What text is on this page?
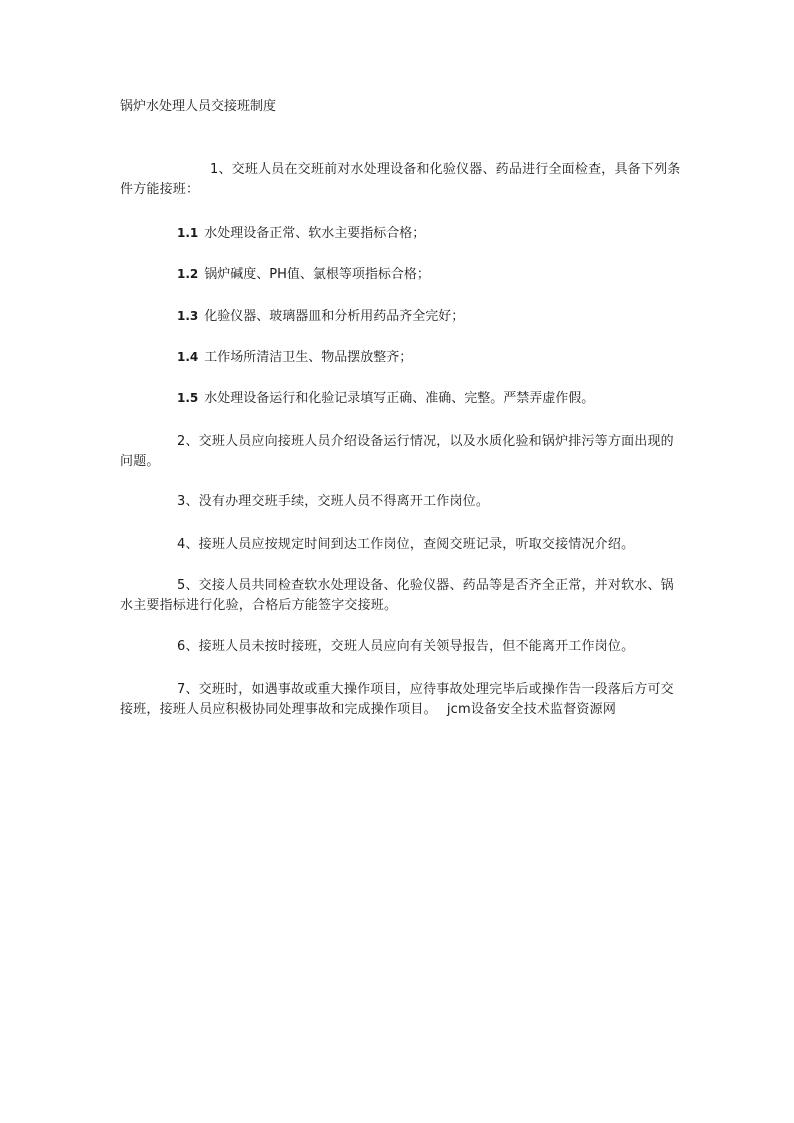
锅炉水处理人员交接班制度
1、交班人员在交班前对水处理设备和化验仪器、药品进行全面检查，具备下列条件方能接班：
1.1 水处理设备正常、软水主要指标合格；
1.2 锅炉碱度、PH值、氯根等项指标合格；
1.3 化验仪器、玻璃器皿和分析用药品齐全完好；
1.4 工作场所清洁卫生、物品摆放整齐；
1.5 水处理设备运行和化验记录填写正确、准确、完整。严禁弄虚作假。
2、交班人员应向接班人员介绍设备运行情况，以及水质化验和锅炉排污等方面出现的问题。
3、没有办理交班手续，交班人员不得离开工作岗位。
4、接班人员应按规定时间到达工作岗位，查阅交班记录，听取交接情况介绍。
5、交接人员共同检查软水处理设备、化验仪器、药品等是否齐全正常，并对软水、锅水主要指标进行化验，合格后方能签字交接班。
6、接班人员未按时接班，交班人员应向有关领导报告，但不能离开工作岗位。
7、交班时，如遇事故或重大操作项目，应待事故处理完毕后或操作告一段落后方可交接班，接班人员应积极协同处理事故和完成操作项目。 jcm设备安全技术监督资源网
